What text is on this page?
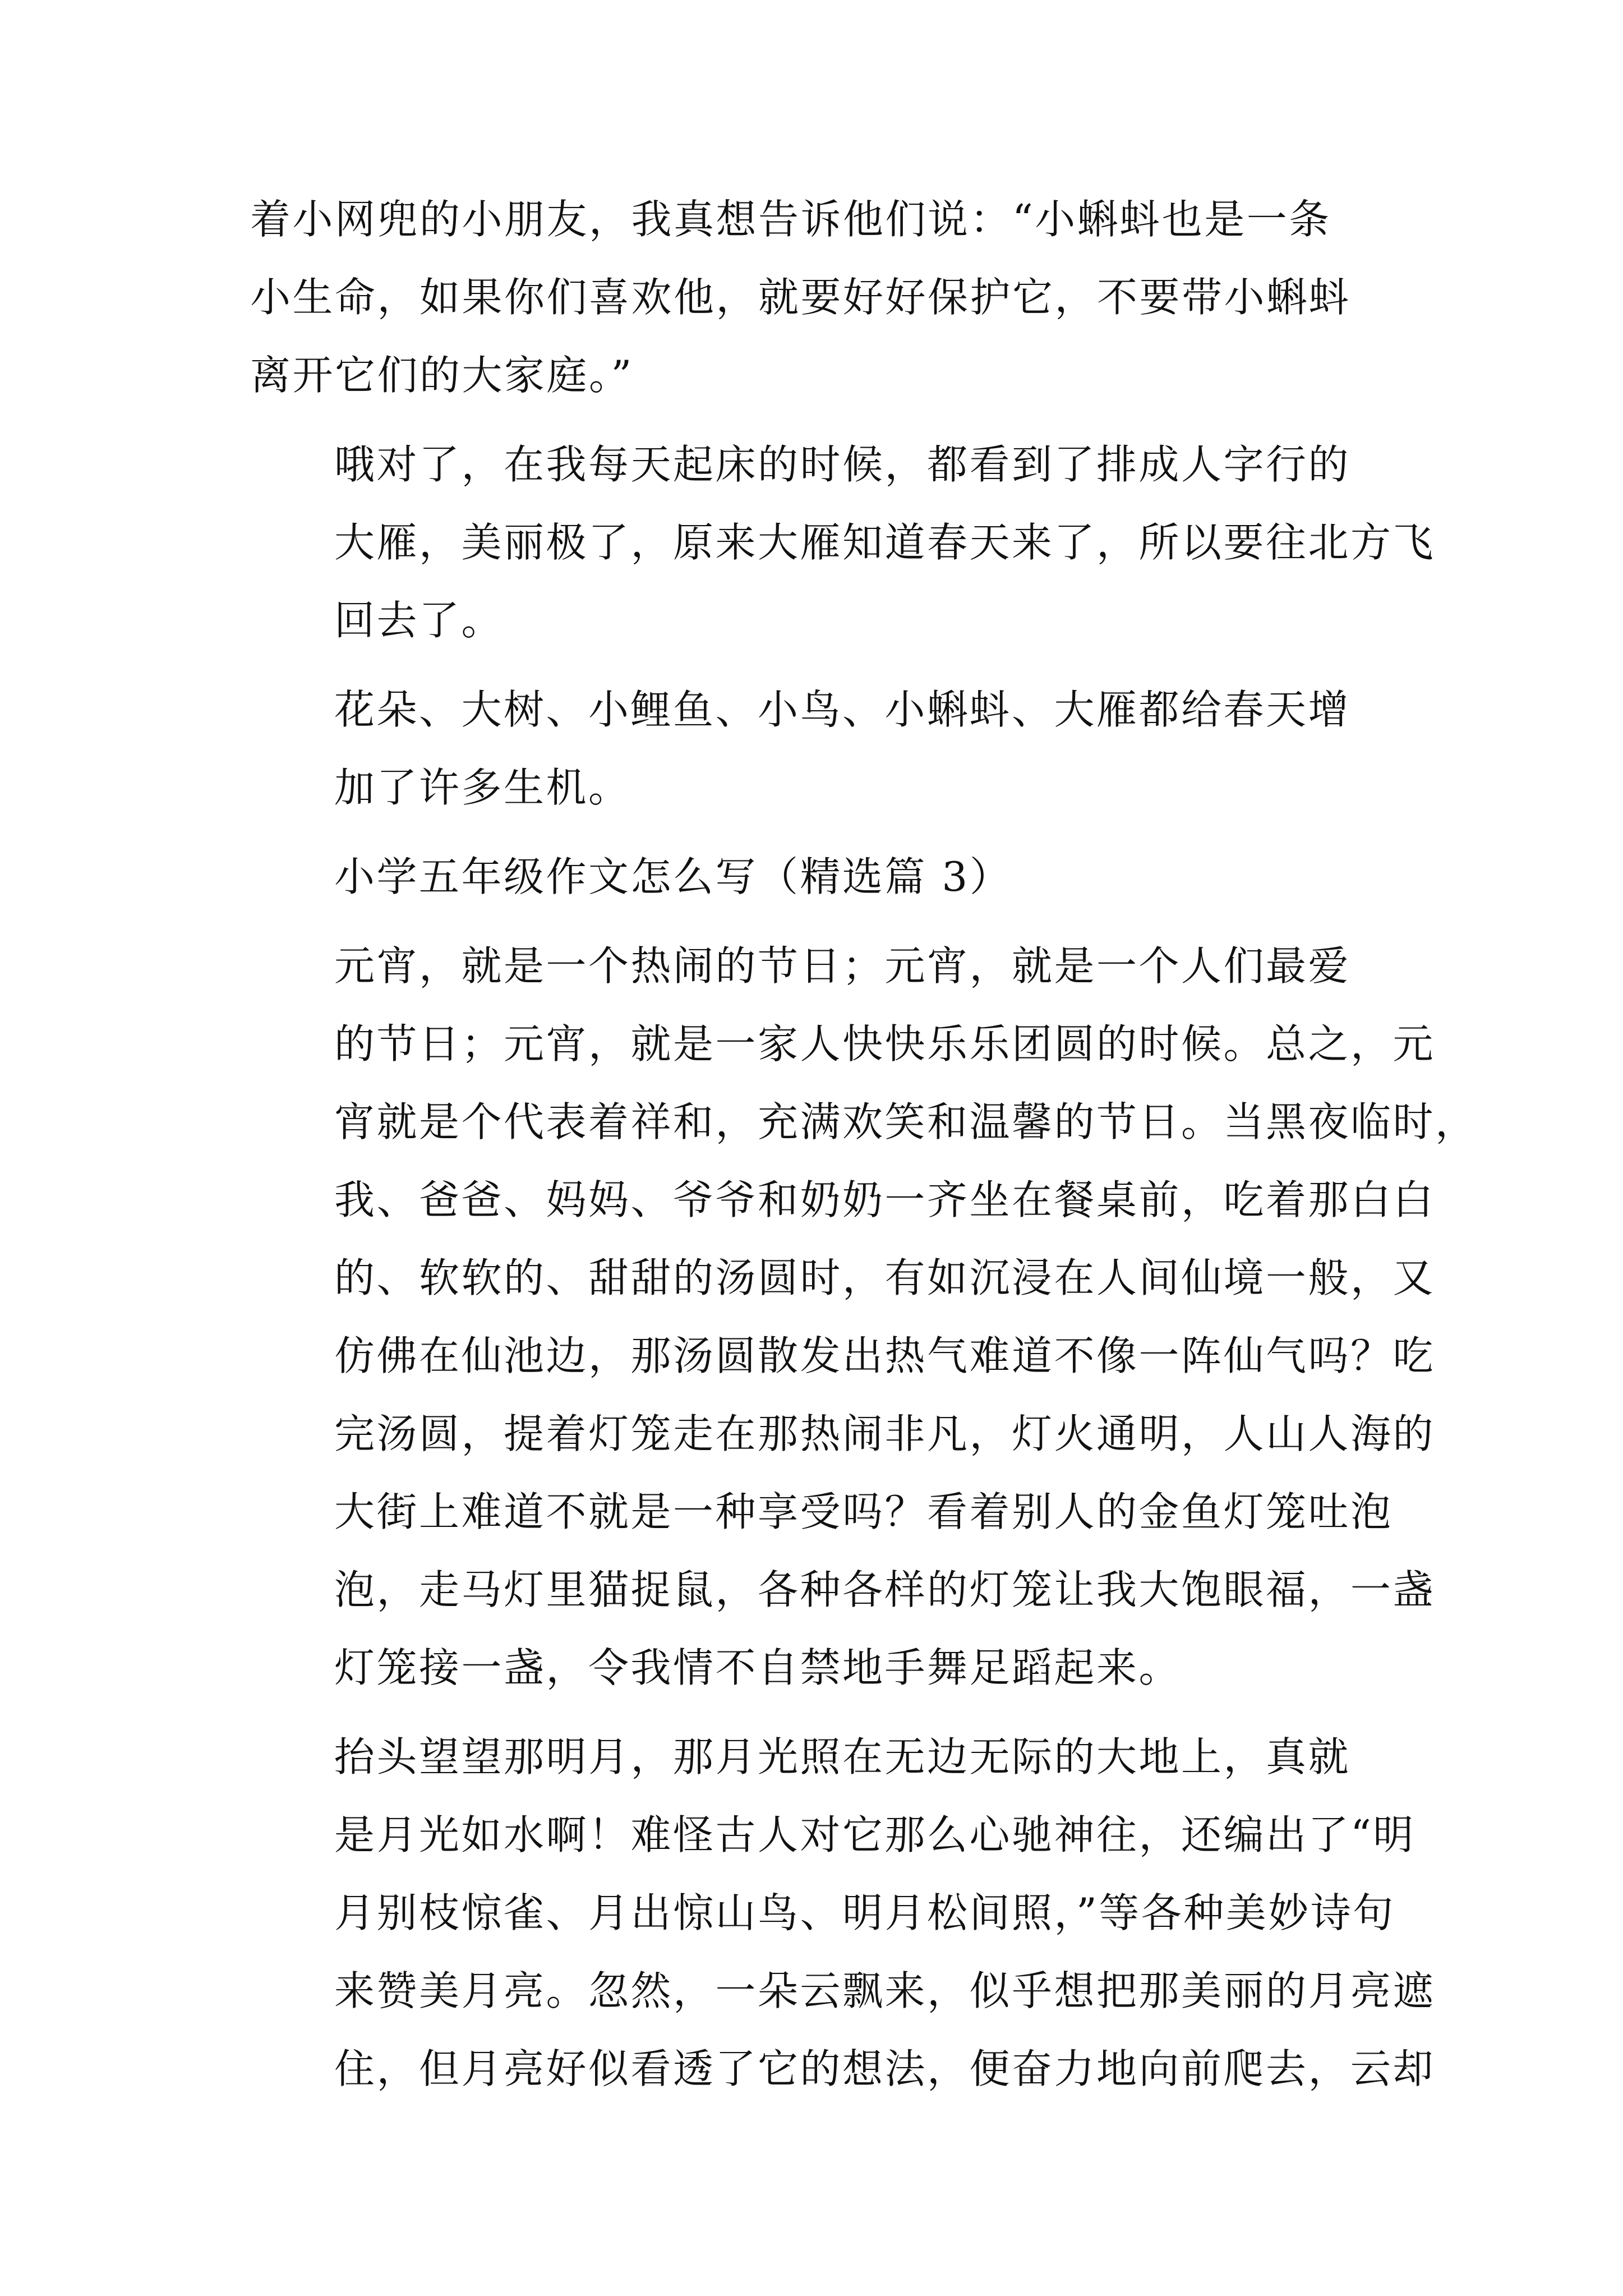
着小网兜的小朋友，我真想告诉他们说：“小蝌蚪也是一条
小生命，如果你们喜欢他，就要好好保护它，不要带小蝌蚪
离开它们的大家庭。”
哦对了，在我每天起床的时候，都看到了排成人字行的
大雁，美丽极了，原来大雁知道春天来了，所以要往北方飞
回去了。
花朵、大树、小鲤鱼、小鸟、小蝌蚪、大雁都给春天增
加了许多生机。
小学五年级作文怎么写（精选篇 3）
元宵，就是一个热闹的节日；元宵，就是一个人们最爱
的节日；元宵，就是一家人快快乐乐团圆的时候。总之，元
宵就是个代表着祥和，充满欢笑和温馨的节日。当黑夜临时，
我、爸爸、妈妈、爷爷和奶奶一齐坐在餐桌前，吃着那白白
的、软软的、甜甜的汤圆时，有如沉浸在人间仙境一般，又
仿佛在仙池边，那汤圆散发出热气难道不像一阵仙气吗？吃
完汤圆，提着灯笼走在那热闹非凡，灯火通明，人山人海的
大街上难道不就是一种享受吗？看着别人的金鱼灯笼吐泡
泡，走马灯里猫捉鼠，各种各样的灯笼让我大饱眼福，一盏
灯笼接一盏，令我情不自禁地手舞足蹈起来。
抬头望望那明月，那月光照在无边无际的大地上，真就
是月光如水啊！难怪古人对它那么心驰神往，还编出了“明
月别枝惊雀、月出惊山鸟、明月松间照，”等各种美妙诗句
来赞美月亮。忽然，一朵云飘来，似乎想把那美丽的月亮遮
住，但月亮好似看透了它的想法，便奋力地向前爬去，云却
